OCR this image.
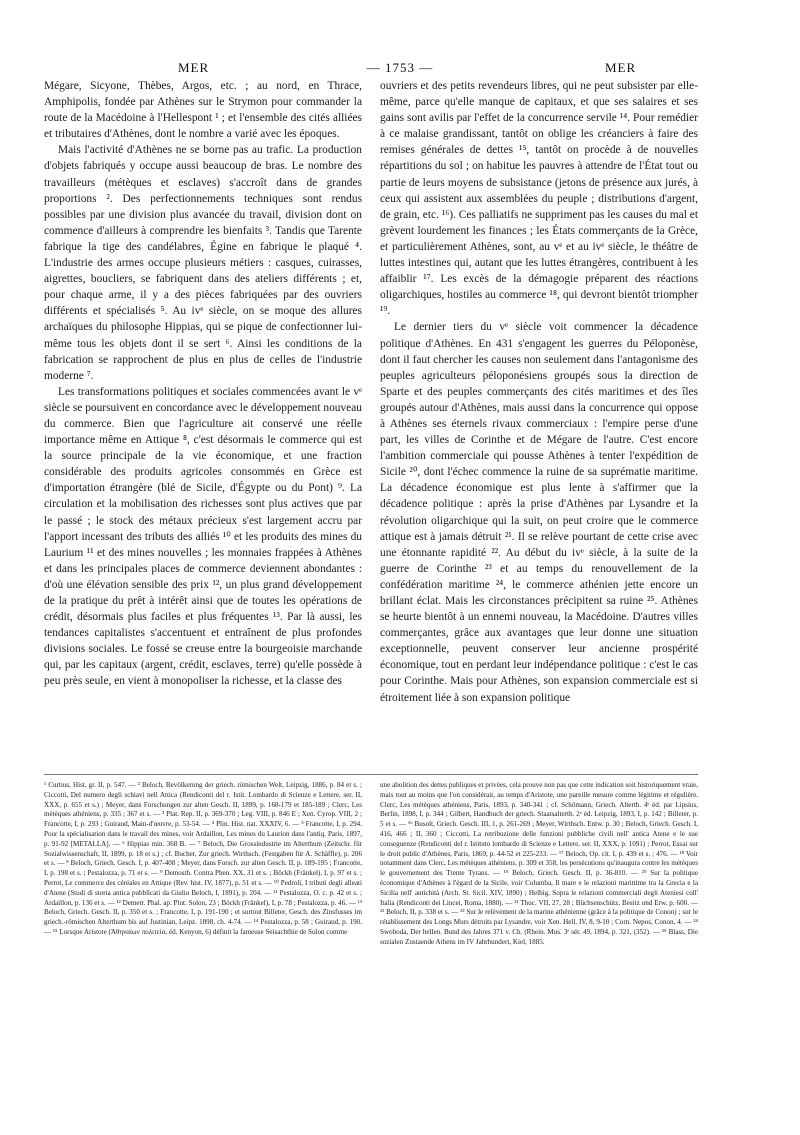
MER	— 1753 —	MER

Mégare, Sicyone, Thèbes, Argos, etc. ; au nord, en Thrace, Amphipolis, fondée par Athènes sur le Strymon pour commander la route de la Macédoine à l'Hellespont ¹ ; et l'ensemble des cités alliées et tributaires d'Athènes, dont le nombre a varié avec les époques.

Mais l'activité d'Athènes ne se borne pas au trafic. La production d'objets fabriqués y occupe aussi beaucoup de bras. Le nombre des travailleurs (métèques et esclaves) s'accroît dans de grandes proportions ². Des perfectionnements techniques sont rendus possibles par une division plus avancée du travail, division dont on commence d'ailleurs à comprendre les bienfaits ³. Tandis que Tarente fabrique la tige des candélabres, Égine en fabrique le plaqué ⁴. L'industrie des armes occupe plusieurs métiers : casques, cuirasses, aigrettes, boucliers, se fabriquent dans des ateliers différents ; et, pour chaque arme, il y a des pièces fabriquées par des ouvriers différents et spécialisés ⁵. Au ivᵉ siècle, on se moque des allures archaïques du philosophe Hippias, qui se pique de confectionner lui-même tous les objets dont il se sert ⁶. Ainsi les conditions de la fabrication se rapprochent de plus en plus de celles de l'industrie moderne ⁷.

Les transformations politiques et sociales commencées avant le vᵉ siècle se poursuivent en concordance avec le développement nouveau du commerce. Bien que l'agriculture ait conservé une réelle importance même en Attique ⁸, c'est désormais le commerce qui est la source principale de la vie économique, et une fraction considérable des produits agricoles consommés en Grèce est d'importation étrangère (blé de Sicile, d'Égypte ou du Pont) ⁹. La circulation et la mobilisation des richesses sont plus actives que par le passé ; le stock des métaux précieux s'est largement accru par l'apport incessant des tributs des alliés ¹⁰ et les produits des mines du Laurium ¹¹ et des mines nouvelles ; les monnaies frappées à Athènes et dans les principales places de commerce deviennent abondantes : d'où une élévation sensible des prix ¹², un plus grand développement de la pratique du prêt à intérêt ainsi que de toutes les opérations de crédit, désormais plus faciles et plus fréquentes ¹³. Par là aussi, les tendances capitalistes s'accentuent et entraînent de plus profondes divisions sociales. Le fossé se creuse entre la bourgeoisie marchande qui, par les capitaux (argent, crédit, esclaves, terre) qu'elle possède à peu près seule, en vient à monopoliser la richesse, et la classe des

ouvriers et des petits revendeurs libres, qui ne peut subsister par elle-même, parce qu'elle manque de capitaux, et que ses salaires et ses gains sont avilis par l'effet de la concurrence servile ¹⁴. Pour remédier à ce malaise grandissant, tantôt on oblige les créanciers à faire des remises générales de dettes ¹⁵, tantôt on procède à de nouvelles répartitions du sol ; on habitue les pauvres à attendre de l'État tout ou partie de leurs moyens de subsistance (jetons de présence aux jurés, à ceux qui assistent aux assemblées du peuple ; distributions d'argent, de grain, etc. ¹⁶). Ces palliatifs ne suppriment pas les causes du mal et grèvent lourdement les finances ; les États commerçants de la Grèce, et particulièrement Athènes, sont, au vᵉ et au ivᵉ siècle, le théâtre de luttes intestines qui, autant que les luttes étrangères, contribuent à les affaiblir ¹⁷. Les excès de la démagogie préparent des réactions oligarchiques, hostiles au commerce ¹⁸, qui devront bientôt triompher ¹⁹.

Le dernier tiers du vᵉ siècle voit commencer la décadence politique d'Athènes. En 431 s'engagent les guerres du Péloponèse, dont il faut chercher les causes non seulement dans l'antagonisme des peuples agriculteurs péloponésiens groupés sous la direction de Sparte et des peuples commerçants des cités maritimes et des îles groupés autour d'Athènes, mais aussi dans la concurrence qui oppose à Athènes ses éternels rivaux commerciaux : l'empire perse d'une part, les villes de Corinthe et de Mégare de l'autre. C'est encore l'ambition commerciale qui pousse Athènes à tenter l'expédition de Sicile ²⁰, dont l'échec commence la ruine de sa suprématie maritime. La décadence économique est plus lente à s'affirmer que la décadence politique : après la prise d'Athènes par Lysandre et la révolution oligarchique qui la suit, on peut croire que le commerce attique est à jamais détruit ²¹. Il se relève pourtant de cette crise avec une étonnante rapidité ²². Au début du ivᵉ siècle, à la suite de la guerre de Corinthe ²³ et au temps du renouvellement de la confédération maritime ²⁴, le commerce athénien jette encore un brillant éclat. Mais les circonstances précipitent sa ruine ²⁵. Athènes se heurte bientôt à un ennemi nouveau, la Macédoine. D'autres villes commerçantes, grâce aux avantages que leur donne une situation exceptionnelle, peuvent conserver leur ancienne prospérité économique, tout en perdant leur indépendance politique : c'est le cas pour Corinthe. Mais pour Athènes, son expansion commerciale est si étroitement liée à son expansion politique

¹ Curtius, Hist. gr. II, p. 547. — ² Beloch, Bevölkerung der griech. römischen Welt, Leipzig, 1886, p. 84 et s. ; Ciccotti, Del numero degli schiavi nell Attica (Rendiconti del r. Istit. Lombardo di Scienze e Lettere, ser. II, XXX, p. 655 et s.) ; Meyer, dans Forschungen zur alten Gesch. II, 1899, p. 168-179 et 185-189 ; Clerc, Les métèques athéniens, p. 335 ; 367 et s. — ³ Plat. Rep. II, p. 369-370 ; Leg. VIII, p. 846 E ; Xen. Cyrop. VIII, 2 ; Francotte, I, p. 293 ; Guiraud, Main-d'œuvre, p. 53-54. — ⁴ Plin. Hist. nat. XXXIV, 6. — ⁵ Francotte, I, p. 294. Pour la spécialisation dans le travail des mines, voir Ardaillon, Les mines du Laurion dans l'antiq. Paris, 1897, p. 91-92 [METALLA]. — ⁶ Hippias min. 368 B. — ⁷ Beloch, Die Grossindustrie im Alterthum (Zeitschr. für Sozialwissenschaft, II, 1899, p. 18 et s.) ; cf. Bucher, Zur griech. Wirthsch. (Festgaben für A. Schäffle), p. 206 et s. — ⁸ Beloch, Griech. Gesch. I, p. 407-408 ; Meyer, dans Forsch. zur alten Gesch. II, p. 189-195 ; Francotte, I, p. 198 et s. ; Pestalozza, p. 71 et s. — ⁹ Demosth. Contra Phen. XX, 31 et s. ; Böckh (Fränkel), I, p. 97 et s. ; Perrot, Le commerce des céréales en Attique (Rev. hist. IV, 1877), p. 51 et s. — ¹⁰ Pedroli, I tributi degli alleati d'Atene (Studi di storia antica pubblicati da Giulio Beloch, I, 1891), p. 204. — ¹¹ Pestalozza, O. c. p. 42 et s. ; Ardaillon, p. 136 et s. — ¹² Demetr. Phal. ap. Plut. Solon, 23 ; Böckh (Fränkel), I, p. 78 ; Pestalozza, p. 46. — ¹³ Beloch, Griech. Gesch. II, p. 350 et s. ; Francotte, I, p. 191-190 ; et surtout Billeter, Gesch. des Zinsfusses im griech.-römischen Alterthum bis auf Justinian, Leipz. 1898, ch. 4-74. — ¹⁴ Pestalozza, p. 58 ; Guiraud, p. 190. — ¹⁵ Lorsque Aristote (Ἀθηναίων πολιτεία, éd. Kenyon, 6) définit la fameuse Seisachthie de Solon comme

une abolition des dettes publiques et privées, cela prouve non pas que cette indication soit historiquement vraie, mais tout au moins que l'on considérait, au temps d'Aristote, une pareille mesure comme légitime et régulière. Clerc, Les métèques athéniens, Paris, 1893, p. 340-341 ; cf. Schömann, Griech. Alterth. 4ᵉ éd. par Lipsius, Berlin, 1898, I, p. 344 ; Gilbert, Handbuch der griech. Staatsalterth. 2ᵉ éd. Leipzig, 1893, I, p. 142 ; Billeter, p. 5 et s. — ¹⁶ Busolt, Griech. Gesch. III, 1, p. 261-269 ; Meyer, Wirthsch. Entw. p. 30 ; Beloch, Griech. Gesch. I, 416, 466 ; II, 360 ; Ciccotti, La retribuzione delle funzioni pubbliche civili nell' antica Atene e le sue conseguenze (Rendiconti del r. Istituto lombardo di Scienze e Lettere, ser. II, XXX, p. 1091) ; Perrot, Essai sur le droit public d'Athènes, Paris, 1869, p. 44-52 et 225-233. — ¹⁷ Beloch, Op. cit. I, p. 439 et s. ; 476. — ¹⁸ Voir notamment dans Clerc, Les métèques athéniens, p. 309 et 358, les persécutions qu'inaugura contre les métèques le gouvernement des Trente Tyrans. — ¹⁹ Beloch, Griech. Gesch. II, p. 36-810. — ²⁰ Sur la politique économique d'Athènes à l'égard de la Sicile, voir Columba, Il mare e le relazioni marittime tra la Grecia e la Sicilia nell' antichità (Arch. St. Sicil. XIV, 1890) ; Helbig, Sopra le relazioni commerciali degli Ateniesi coll' Italia (Rendiconti dei Lincei, Roma, 1880). — ²¹ Thuc. VII, 27, 28 ; Büchsenschütz, Besitz und Erw. p. 600. — ²² Beloch, II, p. 338 et s. — ²³ Sur le relèvement de la marine athénienne (grâce à la politique de Conon) ; sur le rétablissement des Longs Murs détruits par Lysandre, voir Xen. Hell. IV, 8, 9-10 ; Corn. Nepos, Conon, 4. — ²⁴ Swoboda, Der hellen. Bund des Jahres 371 v. Ch. (Rhein. Mus. 3ᵉ sér. 49, 1894, p. 321, (352). — ²⁵ Blass, Die sozialen Zustaende Athens im IV Jahrhundert, Kiel, 1885.
